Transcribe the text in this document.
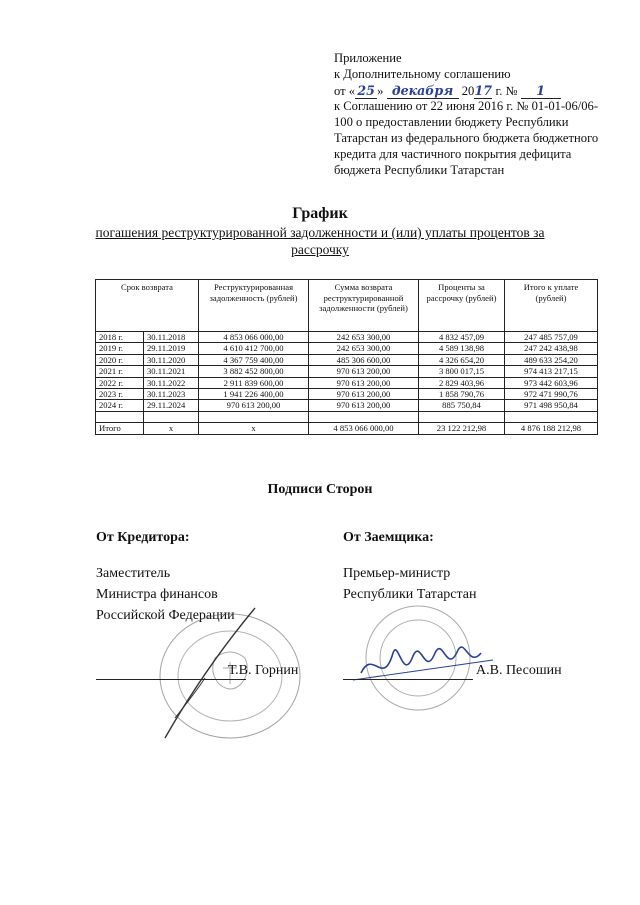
Приложение
к Дополнительному соглашению
от « 25 » декабря 2017 г. № 1
к Соглашению от 22 июня 2016 г. № 01-01-06/06-
100 о предоставлении бюджету Республики
Татарстан из федерального бюджета бюджетного
кредита для частичного покрытия дефицита
бюджета Республики Татарстан
График
погашения реструктурированной задолженности и (или) уплаты процентов за рассрочку
Срок возврата		Реструктурированная задолженность (рублей)	Сумма возврата реструктурированной задолженности (рублей)	Проценты за рассрочку (рублей)	Итого к уплате (рублей)
2018 г.	30.11.2018	4 853 066 000,00	242 653 300,00	4 832 457,09	247 485 757,09
2019 г.	29.11.2019	4 610 412 700,00	242 653 300,00	4 589 138,98	247 242 438,98
2020 г.	30.11.2020	4 367 759 400,00	485 306 600,00	4 326 654,20	489 633 254,20
2021 г.	30.11.2021	3 882 452 800,00	970 613 200,00	3 800 017,15	974 413 217,15
2022 г.	30.11.2022	2 911 839 600,00	970 613 200,00	2 829 403,96	973 442 603,96
2023 г.	30.11.2023	1 941 226 400,00	970 613 200,00	1 858 790,76	972 471 990,76
2024 г.	29.11.2024	970 613 200,00	970 613 200,00	885 750,84	971 498 950,84

Итого	х	х	4 853 066 000,00	23 122 212,98	4 876 188 212,98
Подписи Сторон
От Кредитора:	От Заемщика:
Заместитель
Министра финансов
Российской Федерации
Премьер-министр
Республики Татарстан
Т.В. Горнин	А.В. Песошин
